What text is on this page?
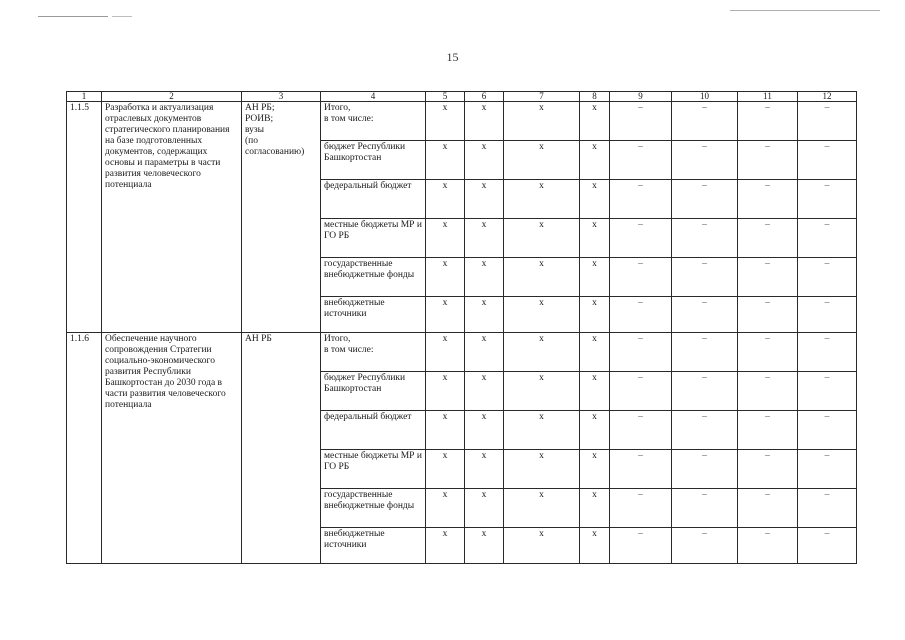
15
1	2	3	4	5	6	7	8	9	10	11	12
1.1.5	Разработка и актуализация отраслевых документов стратегического планирования на базе подготовленных документов, содержащих основы и параметры в части развития человеческого потенциала	АН РБ;
РОИВ;
вузы
(по
согласованию)	Итого,
в том числе:	x	x	x	x	–	–	–	–
			бюджет Республики Башкортостан	x	x	x	x	–	–	–	–
			федеральный бюджет	x	x	x	x	–	–	–	–
			местные бюджеты МР и ГО РБ	x	x	x	x	–	–	–	–
			государственные внебюджетные фонды	x	x	x	x	–	–	–	–
			внебюджетные источники	x	x	x	x	–	–	–	–
1.1.6	Обеспечение научного сопровождения Стратегии социально-экономического развития Республики Башкортостан до 2030 года в части развития человеческого потенциала	АН РБ	Итого,
в том числе:	x	x	x	x	–	–	–	–
			бюджет Республики Башкортостан	x	x	x	x	–	–	–	–
			федеральный бюджет	x	x	x	x	–	–	–	–
			местные бюджеты МР и ГО РБ	x	x	x	x	–	–	–	–
			государственные внебюджетные фонды	x	x	x	x	–	–	–	–
			внебюджетные источники	x	x	x	x	–	–	–	–
